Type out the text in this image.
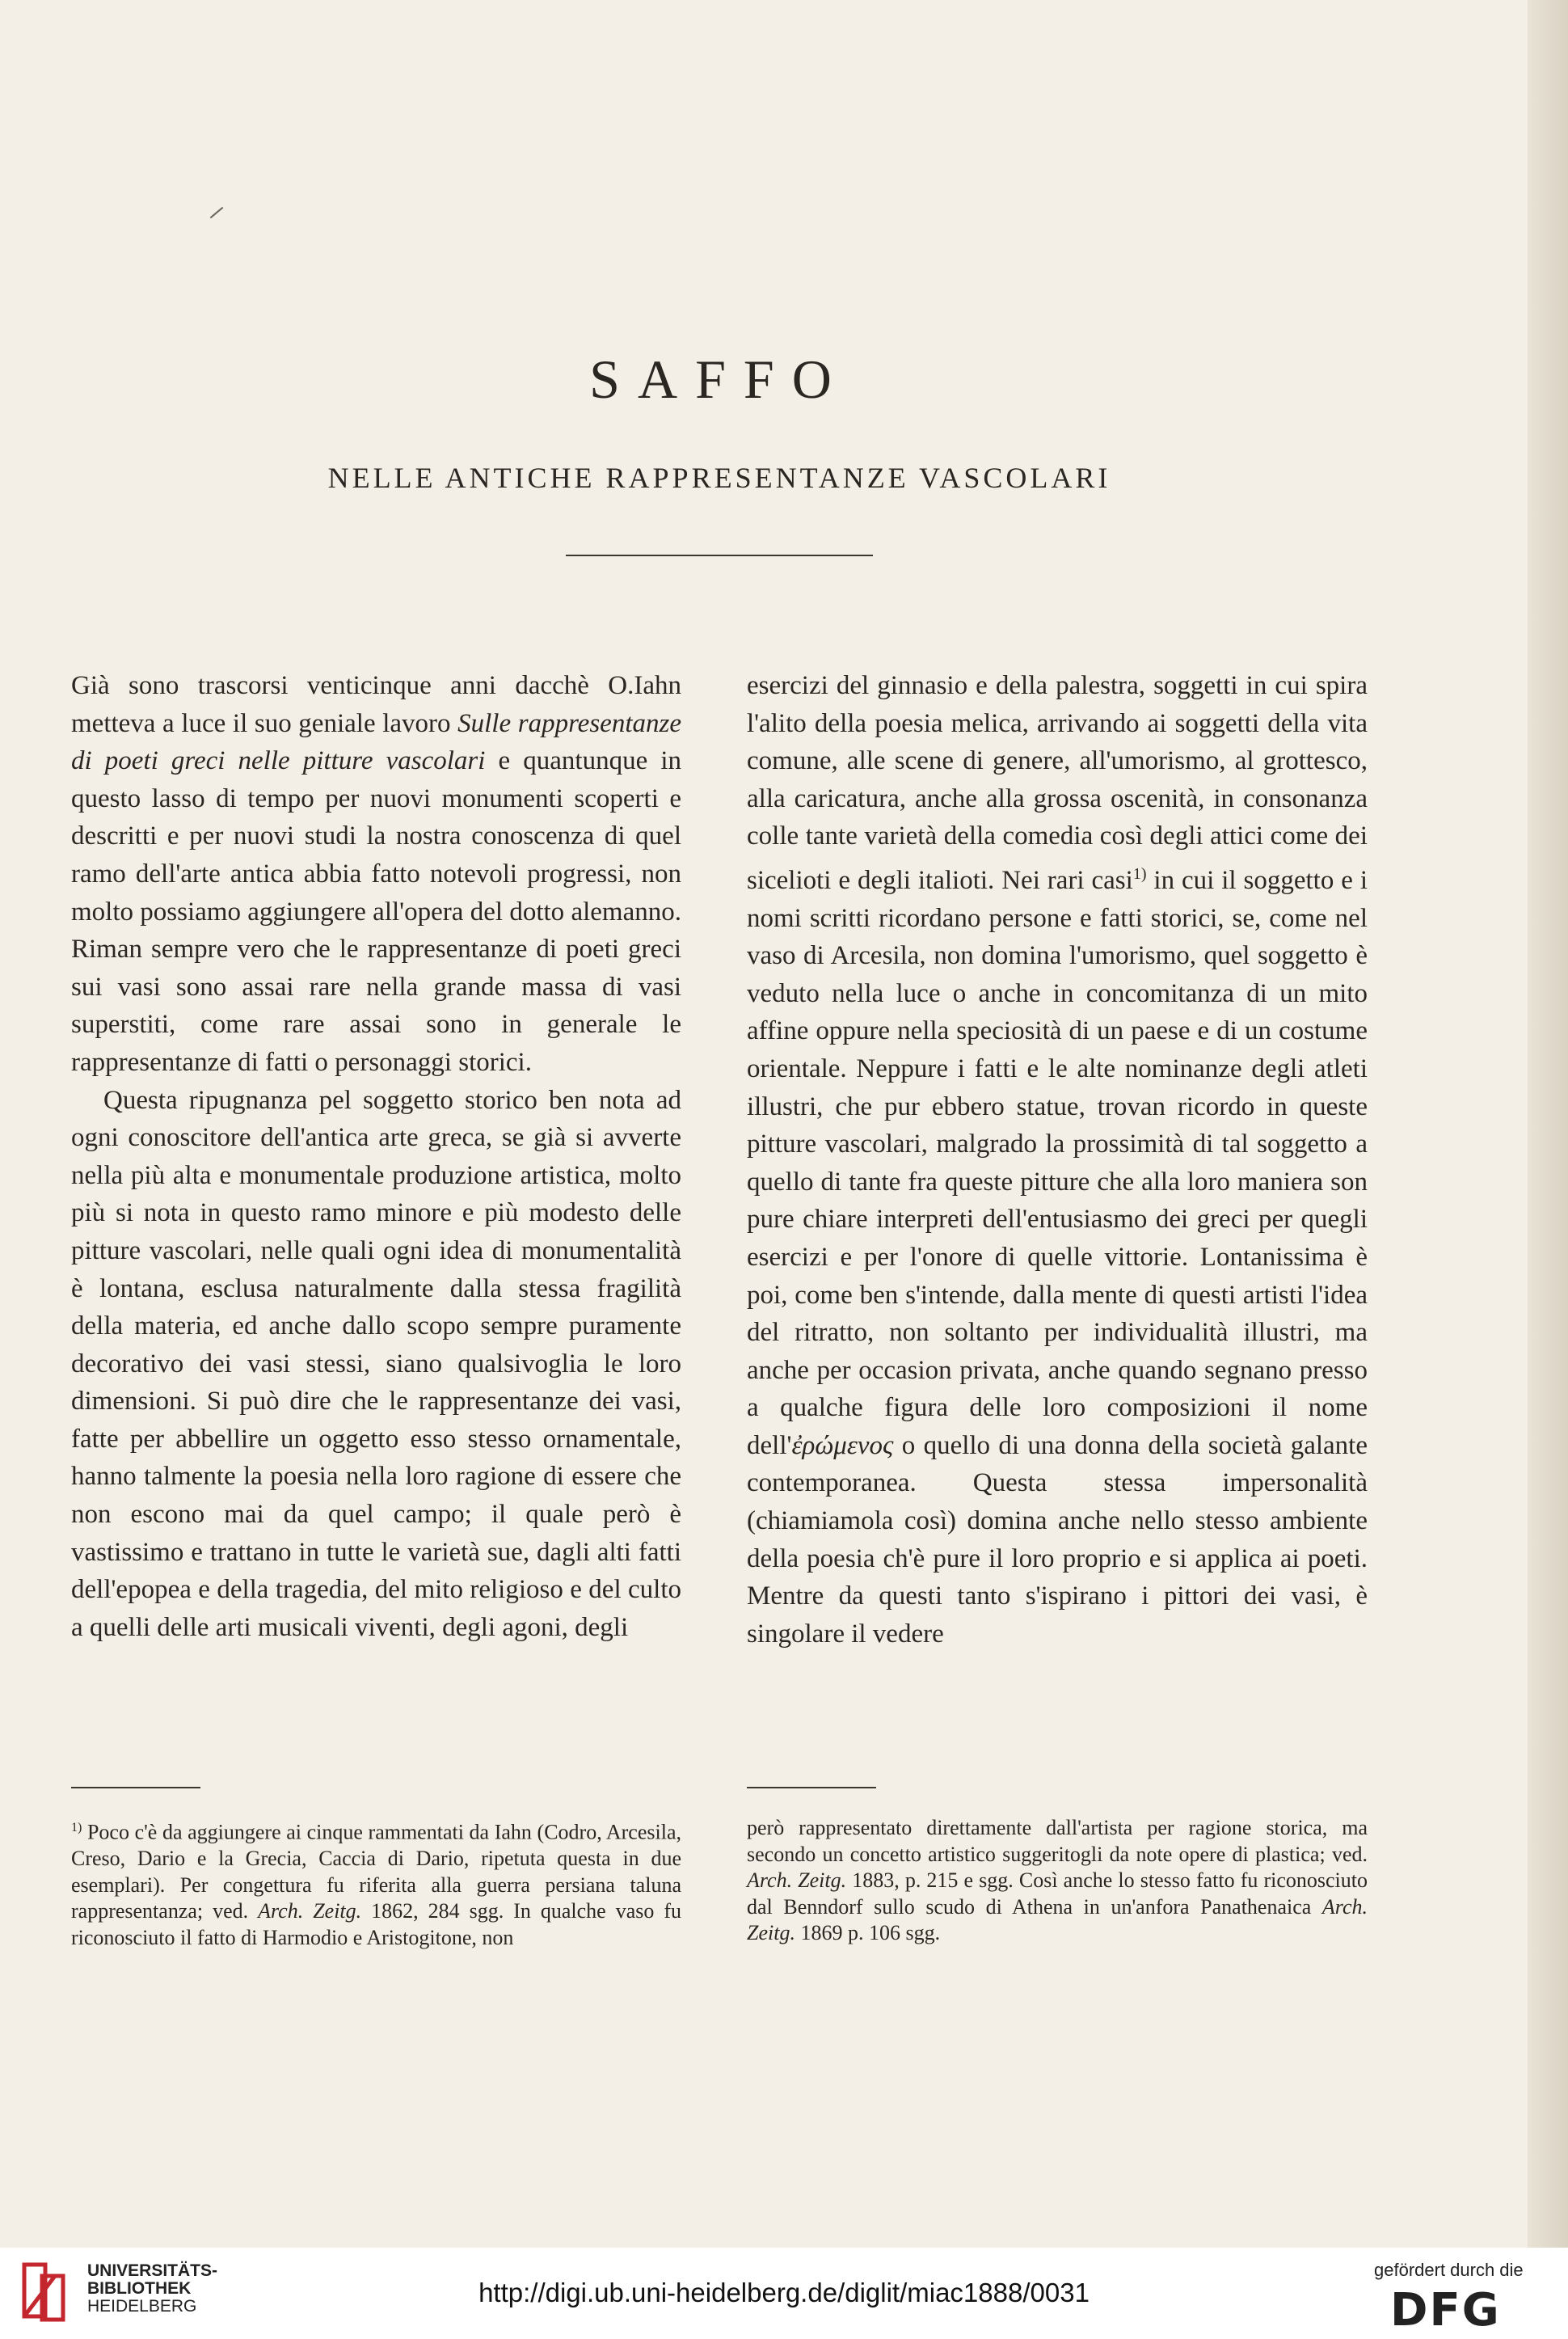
SAFFO
NELLE ANTICHE RAPPRESENTANZE VASCOLARI

Già sono trascorsi venticinque anni dacchè O.Iahn metteva a luce il suo geniale lavoro Sulle rappresentanze di poeti greci nelle pitture vascolari e quantunque in questo lasso di tempo per nuovi monumenti scoperti e descritti e per nuovi studi la nostra conoscenza di quel ramo dell'arte antica abbia fatto notevoli progressi, non molto possiamo aggiungere all'opera del dotto alemanno. Riman sempre vero che le rappresentanze di poeti greci sui vasi sono assai rare nella grande massa di vasi superstiti, come rare assai sono in generale le rappresentanze di fatti o personaggi storici.

Questa ripugnanza pel soggetto storico ben nota ad ogni conoscitore dell'antica arte greca, se già si avverte nella più alta e monumentale produzione artistica, molto più si nota in questo ramo minore e più modesto delle pitture vascolari, nelle quali ogni idea di monumentalità è lontana, esclusa naturalmente dalla stessa fragilità della materia, ed anche dallo scopo sempre puramente decorativo dei vasi stessi, siano qualsivoglia le loro dimensioni. Si può dire che le rappresentanze dei vasi, fatte per abbellire un oggetto esso stesso ornamentale, hanno talmente la poesia nella loro ragione di essere che non escono mai da quel campo; il quale però è vastissimo e trattano in tutte le varietà sue, dagli alti fatti dell'epopea e della tragedia, del mito religioso e del culto a quelli delle arti musicali viventi, degli agoni, degli

esercizi del ginnasio e della palestra, soggetti in cui spira l'alito della poesia melica, arrivando ai soggetti della vita comune, alle scene di genere, all'umorismo, al grottesco, alla caricatura, anche alla grossa oscenità, in consonanza colle tante varietà della comedia così degli attici come dei sicelioti e degli italioti. Nei rari casi$^{1)}$ in cui il soggetto e i nomi scritti ricordano persone e fatti storici, se, come nel vaso di Arcesila, non domina l'umorismo, quel soggetto è veduto nella luce o anche in concomitanza di un mito affine oppure nella speciosità di un paese e di un costume orientale. Neppure i fatti e le alte nominanze degli atleti illustri, che pur ebbero statue, trovan ricordo in queste pitture vascolari, malgrado la prossimità di tal soggetto a quello di tante fra queste pitture che alla loro maniera son pure chiare interpreti dell'entusiasmo dei greci per quegli esercizi e per l'onore di quelle vittorie. Lontanissima è poi, come ben s'intende, dalla mente di questi artisti l'idea del ritratto, non soltanto per individualità illustri, ma anche per occasion privata, anche quando segnano presso a qualche figura delle loro composizioni il nome dell'ἐρώμενος o quello di una donna della società galante contemporanea. Questa stessa impersonalità (chiamiamola così) domina anche nello stesso ambiente della poesia ch'è pure il loro proprio e si applica ai poeti. Mentre da questi tanto s'ispirano i pittori dei vasi, è singolare il vedere

$^{1)}$ Poco c'è da aggiungere ai cinque rammentati da Iahn (Codro, Arcesila, Creso, Dario e la Grecia, Caccia di Dario, ripetuta questa in due esemplari). Per congettura fu riferita alla guerra persiana taluna rappresentanza; ved. Arch. Zeitg. 1862, 284 sgg. In qualche vaso fu riconosciuto il fatto di Harmodio e Aristogitone, non

però rappresentato direttamente dall'artista per ragione storica, ma secondo un concetto artistico suggeritogli da note opere di plastica; ved. Arch. Zeitg. 1883, p. 215 e sgg. Così anche lo stesso fatto fu riconosciuto dal Benndorf sullo scudo di Athena in un'anfora Panathenaica Arch. Zeitg. 1869 p. 106 sgg.

UNIVERSITÄTS-
BIBLIOTHEK
HEIDELBERG	http://digi.ub.uni-heidelberg.de/diglit/miac1888/0031
gefördert durch die
DFG
